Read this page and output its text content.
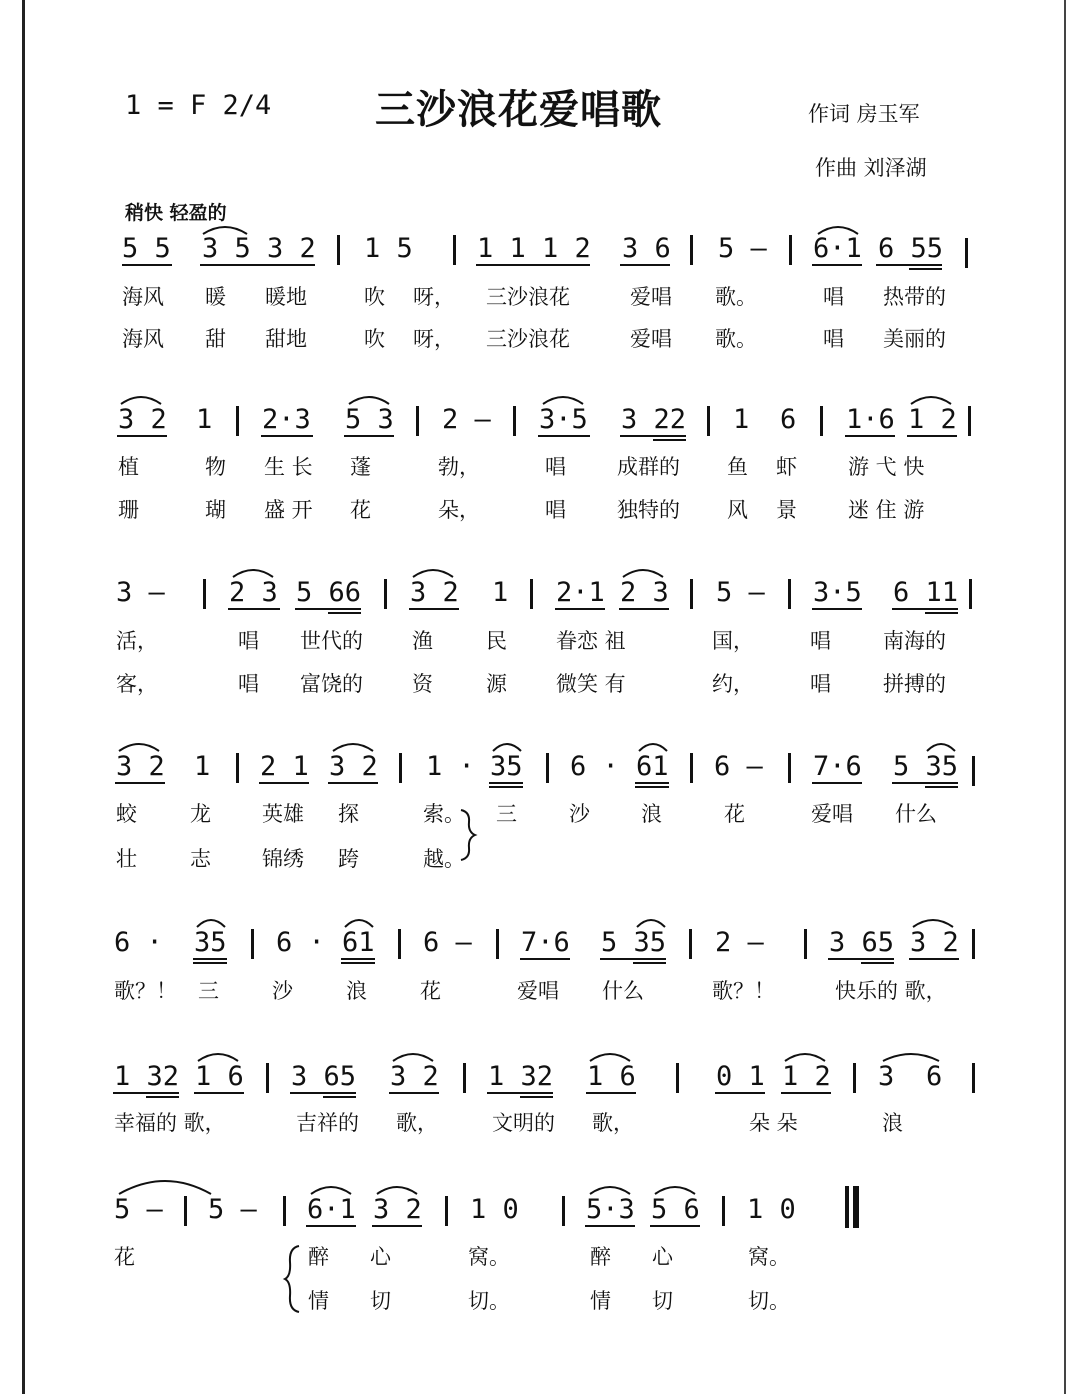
1 = F 2/4	三沙浪花爱唱歌	作词 房玉军
作曲 刘泽湖
稍快 轻盈的
5 5 3 5 3 2 1 5 1 1 1 2 3 6 5 – 6·1 6 55
海风 暖 暖地	吹 呀， 三沙浪花	爱唱 歌。	唱 热带的
海风 甜 甜地	吹 呀， 三沙浪花	爱唱 歌。	唱 美丽的
3 2 1 2·3 5 3 2 – 3·5 3 22 1 6 1·6 1 2
植	物 生 长 蓬	勃，	唱 成群的 鱼 虾 游 弋 快
珊	瑚 盛 开 花	朵，	唱 独特的 风 景 迷 住 游
3 – 2 3 5 66 3 2 1 2·1 2 3 5 – 3·5 6 11
活，	唱 世代的 渔	民 眷恋 祖	国，	唱 南海的
客，	唱 富饶的 资	源 微笑 有	约，	唱 拼搏的
3 2 1 2 1 3 2 1 · 35 6 · 61 6 – 7·6 5 35
蛟	龙 英雄 探	索。 三 沙 浪	花	爱唱 什么
壮	志 锦绣 跨	越。
6 · 35 6 · 61 6 – 7·6 5 35 2 – 3 65 3 2
歌？！ 三	沙	浪	花	爱唱 什么	歌？！	快乐的 歌，
1 32 1 6 3 65 3 2 1 32 1 6	0 1 1 2 3 6
幸福的 歌，	吉祥的 歌，	文明的 歌，	朵 朵	浪
5 – 5 – 6·1 3 2 1 0 5·3 5 6 1 0
花	醉 心	窝。	醉 心	窝。
情 切	切。	情 切	切。
